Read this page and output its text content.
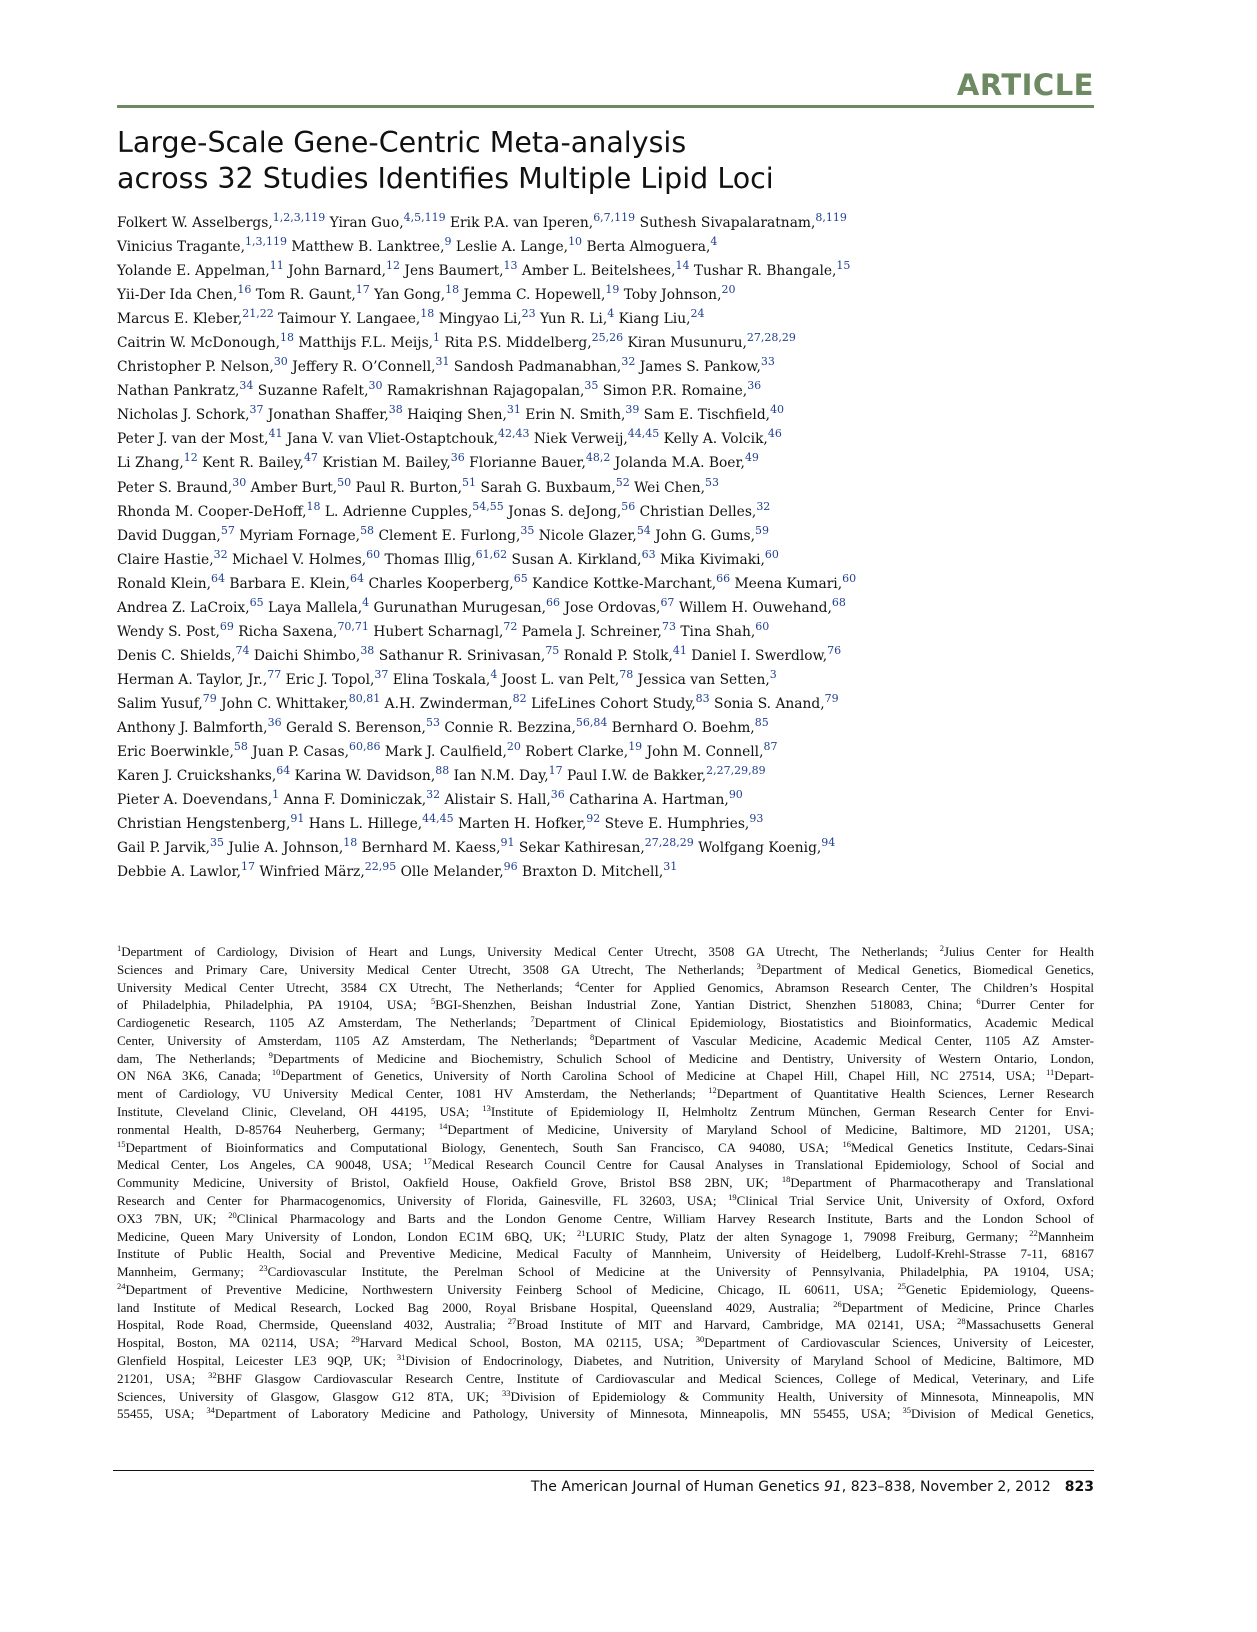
ARTICLE
Large-Scale Gene-Centric Meta-analysis
across 32 Studies Identifies Multiple Lipid Loci
Folkert W. Asselbergs,$^{1,2,3,119}$ Yiran Guo,$^{4,5,119}$ Erik P.A. van Iperen,$^{6,7,119}$ Suthesh Sivapalaratnam,$^{8,119}$
Vinicius Tragante,$^{1,3,119}$ Matthew B. Lanktree,$^9$ Leslie A. Lange,$^{10}$ Berta Almoguera,$^4$
Yolande E. Appelman,$^{11}$ John Barnard,$^{12}$ Jens Baumert,$^{13}$ Amber L. Beitelshees,$^{14}$ Tushar R. Bhangale,$^{15}$
Yii-Der Ida Chen,$^{16}$ Tom R. Gaunt,$^{17}$ Yan Gong,$^{18}$ Jemma C. Hopewell,$^{19}$ Toby Johnson,$^{20}$
Marcus E. Kleber,$^{21,22}$ Taimour Y. Langaee,$^{18}$ Mingyao Li,$^{23}$ Yun R. Li,$^4$ Kiang Liu,$^{24}$
Caitrin W. McDonough,$^{18}$ Matthijs F.L. Meijs,$^1$ Rita P.S. Middelberg,$^{25,26}$ Kiran Musunuru,$^{27,28,29}$
Christopher P. Nelson,$^{30}$ Jeffery R. O’Connell,$^{31}$ Sandosh Padmanabhan,$^{32}$ James S. Pankow,$^{33}$
Nathan Pankratz,$^{34}$ Suzanne Rafelt,$^{30}$ Ramakrishnan Rajagopalan,$^{35}$ Simon P.R. Romaine,$^{36}$
Nicholas J. Schork,$^{37}$ Jonathan Shaffer,$^{38}$ Haiqing Shen,$^{31}$ Erin N. Smith,$^{39}$ Sam E. Tischfield,$^{40}$
Peter J. van der Most,$^{41}$ Jana V. van Vliet-Ostaptchouk,$^{42,43}$ Niek Verweij,$^{44,45}$ Kelly A. Volcik,$^{46}$
Li Zhang,$^{12}$ Kent R. Bailey,$^{47}$ Kristian M. Bailey,$^{36}$ Florianne Bauer,$^{48,2}$ Jolanda M.A. Boer,$^{49}$
Peter S. Braund,$^{30}$ Amber Burt,$^{50}$ Paul R. Burton,$^{51}$ Sarah G. Buxbaum,$^{52}$ Wei Chen,$^{53}$
Rhonda M. Cooper-DeHoff,$^{18}$ L. Adrienne Cupples,$^{54,55}$ Jonas S. deJong,$^{56}$ Christian Delles,$^{32}$
David Duggan,$^{57}$ Myriam Fornage,$^{58}$ Clement E. Furlong,$^{35}$ Nicole Glazer,$^{54}$ John G. Gums,$^{59}$
Claire Hastie,$^{32}$ Michael V. Holmes,$^{60}$ Thomas Illig,$^{61,62}$ Susan A. Kirkland,$^{63}$ Mika Kivimaki,$^{60}$
Ronald Klein,$^{64}$ Barbara E. Klein,$^{64}$ Charles Kooperberg,$^{65}$ Kandice Kottke-Marchant,$^{66}$ Meena Kumari,$^{60}$
Andrea Z. LaCroix,$^{65}$ Laya Mallela,$^4$ Gurunathan Murugesan,$^{66}$ Jose Ordovas,$^{67}$ Willem H. Ouwehand,$^{68}$
Wendy S. Post,$^{69}$ Richa Saxena,$^{70,71}$ Hubert Scharnagl,$^{72}$ Pamela J. Schreiner,$^{73}$ Tina Shah,$^{60}$
Denis C. Shields,$^{74}$ Daichi Shimbo,$^{38}$ Sathanur R. Srinivasan,$^{75}$ Ronald P. Stolk,$^{41}$ Daniel I. Swerdlow,$^{76}$
Herman A. Taylor, Jr.,$^{77}$ Eric J. Topol,$^{37}$ Elina Toskala,$^4$ Joost L. van Pelt,$^{78}$ Jessica van Setten,$^3$
Salim Yusuf,$^{79}$ John C. Whittaker,$^{80,81}$ A.H. Zwinderman,$^{82}$ LifeLines Cohort Study,$^{83}$ Sonia S. Anand,$^{79}$
Anthony J. Balmforth,$^{36}$ Gerald S. Berenson,$^{53}$ Connie R. Bezzina,$^{56,84}$ Bernhard O. Boehm,$^{85}$
Eric Boerwinkle,$^{58}$ Juan P. Casas,$^{60,86}$ Mark J. Caulfield,$^{20}$ Robert Clarke,$^{19}$ John M. Connell,$^{87}$
Karen J. Cruickshanks,$^{64}$ Karina W. Davidson,$^{88}$ Ian N.M. Day,$^{17}$ Paul I.W. de Bakker,$^{2,27,29,89}$
Pieter A. Doevendans,$^1$ Anna F. Dominiczak,$^{32}$ Alistair S. Hall,$^{36}$ Catharina A. Hartman,$^{90}$
Christian Hengstenberg,$^{91}$ Hans L. Hillege,$^{44,45}$ Marten H. Hofker,$^{92}$ Steve E. Humphries,$^{93}$
Gail P. Jarvik,$^{35}$ Julie A. Johnson,$^{18}$ Bernhard M. Kaess,$^{91}$ Sekar Kathiresan,$^{27,28,29}$ Wolfgang Koenig,$^{94}$
Debbie A. Lawlor,$^{17}$ Winfried März,$^{22,95}$ Olle Melander,$^{96}$ Braxton D. Mitchell,$^{31}$
$^1$Department of Cardiology, Division of Heart and Lungs, University Medical Center Utrecht, 3508 GA Utrecht, The Netherlands; $^2$Julius Center for Health
Sciences and Primary Care, University Medical Center Utrecht, 3508 GA Utrecht, The Netherlands; $^3$Department of Medical Genetics, Biomedical Genetics,
University Medical Center Utrecht, 3584 CX Utrecht, The Netherlands; $^4$Center for Applied Genomics, Abramson Research Center, The Children’s Hospital
of Philadelphia, Philadelphia, PA 19104, USA; $^5$BGI-Shenzhen, Beishan Industrial Zone, Yantian District, Shenzhen 518083, China; $^6$Durrer Center for
Cardiogenetic Research, 1105 AZ Amsterdam, The Netherlands; $^7$Department of Clinical Epidemiology, Biostatistics and Bioinformatics, Academic Medical
Center, University of Amsterdam, 1105 AZ Amsterdam, The Netherlands; $^8$Department of Vascular Medicine, Academic Medical Center, 1105 AZ Amster-
dam, The Netherlands; $^9$Departments of Medicine and Biochemistry, Schulich School of Medicine and Dentistry, University of Western Ontario, London,
ON N6A 3K6, Canada; $^{10}$Department of Genetics, University of North Carolina School of Medicine at Chapel Hill, Chapel Hill, NC 27514, USA; $^{11}$Depart-
ment of Cardiology, VU University Medical Center, 1081 HV Amsterdam, the Netherlands; $^{12}$Department of Quantitative Health Sciences, Lerner Research
Institute, Cleveland Clinic, Cleveland, OH 44195, USA; $^{13}$Institute of Epidemiology II, Helmholtz Zentrum München, German Research Center for Envi-
ronmental Health, D-85764 Neuherberg, Germany; $^{14}$Department of Medicine, University of Maryland School of Medicine, Baltimore, MD 21201, USA;
$^{15}$Department of Bioinformatics and Computational Biology, Genentech, South San Francisco, CA 94080, USA; $^{16}$Medical Genetics Institute, Cedars-Sinai
Medical Center, Los Angeles, CA 90048, USA; $^{17}$Medical Research Council Centre for Causal Analyses in Translational Epidemiology, School of Social and
Community Medicine, University of Bristol, Oakfield House, Oakfield Grove, Bristol BS8 2BN, UK; $^{18}$Department of Pharmacotherapy and Translational
Research and Center for Pharmacogenomics, University of Florida, Gainesville, FL 32603, USA; $^{19}$Clinical Trial Service Unit, University of Oxford, Oxford
OX3 7BN, UK; $^{20}$Clinical Pharmacology and Barts and the London Genome Centre, William Harvey Research Institute, Barts and the London School of
Medicine, Queen Mary University of London, London EC1M 6BQ, UK; $^{21}$LURIC Study, Platz der alten Synagoge 1, 79098 Freiburg, Germany; $^{22}$Mannheim
Institute of Public Health, Social and Preventive Medicine, Medical Faculty of Mannheim, University of Heidelberg, Ludolf-Krehl-Strasse 7-11, 68167
Mannheim, Germany; $^{23}$Cardiovascular Institute, the Perelman School of Medicine at the University of Pennsylvania, Philadelphia, PA 19104, USA;
$^{24}$Department of Preventive Medicine, Northwestern University Feinberg School of Medicine, Chicago, IL 60611, USA; $^{25}$Genetic Epidemiology, Queens-
land Institute of Medical Research, Locked Bag 2000, Royal Brisbane Hospital, Queensland 4029, Australia; $^{26}$Department of Medicine, Prince Charles
Hospital, Rode Road, Chermside, Queensland 4032, Australia; $^{27}$Broad Institute of MIT and Harvard, Cambridge, MA 02141, USA; $^{28}$Massachusetts General
Hospital, Boston, MA 02114, USA; $^{29}$Harvard Medical School, Boston, MA 02115, USA; $^{30}$Department of Cardiovascular Sciences, University of Leicester,
Glenfield Hospital, Leicester LE3 9QP, UK; $^{31}$Division of Endocrinology, Diabetes, and Nutrition, University of Maryland School of Medicine, Baltimore, MD
21201, USA; $^{32}$BHF Glasgow Cardiovascular Research Centre, Institute of Cardiovascular and Medical Sciences, College of Medical, Veterinary, and Life
Sciences, University of Glasgow, Glasgow G12 8TA, UK; $^{33}$Division of Epidemiology & Community Health, University of Minnesota, Minneapolis, MN
55455, USA; $^{34}$Department of Laboratory Medicine and Pathology, University of Minnesota, Minneapolis, MN 55455, USA; $^{35}$Division of Medical Genetics,
The American Journal of Human Genetics 91, 823–838, November 2, 2012 823
